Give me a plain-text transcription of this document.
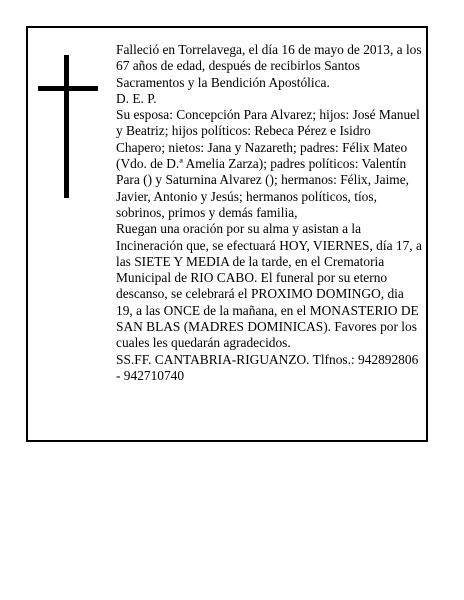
Falleció en Torrelavega, el día 16 de mayo de 2013, a los 67 años de edad, después de recibirlos Santos Sacramentos y la Bendición Apostólica.

D. E. P.

Su esposa: Concepción Para Alvarez; hijos: José Manuel y Beatriz; hijos políticos: Rebeca Pérez e Isidro Chapero; nietos: Jana y Nazareth; padres: Félix Mateo (Vdo. de D.ª Amelia Zarza); padres políticos: Valentín Para () y Saturnina Alvarez (); hermanos: Félix, Jaime, Javier, Antonio y Jesús; hermanos políticos, tíos, sobrinos, primos y demás familia,

Ruegan una oración por su alma y asistan a la Incineración que, se efectuará HOY, VIERNES, día 17, a las SIETE Y MEDIA de la tarde, en el Crematoria Municipal de RIO CABO. El funeral por su eterno descanso, se celebrará el PROXIMO DOMINGO, dia 19, a las ONCE de la mañana, en el MONASTERIO DE SAN BLAS (MADRES DOMINICAS). Favores por los cuales les quedarán agradecidos.

SS.FF. CANTABRIA-RIGUANZO. Tlfnos.: 942892806 - 942710740
